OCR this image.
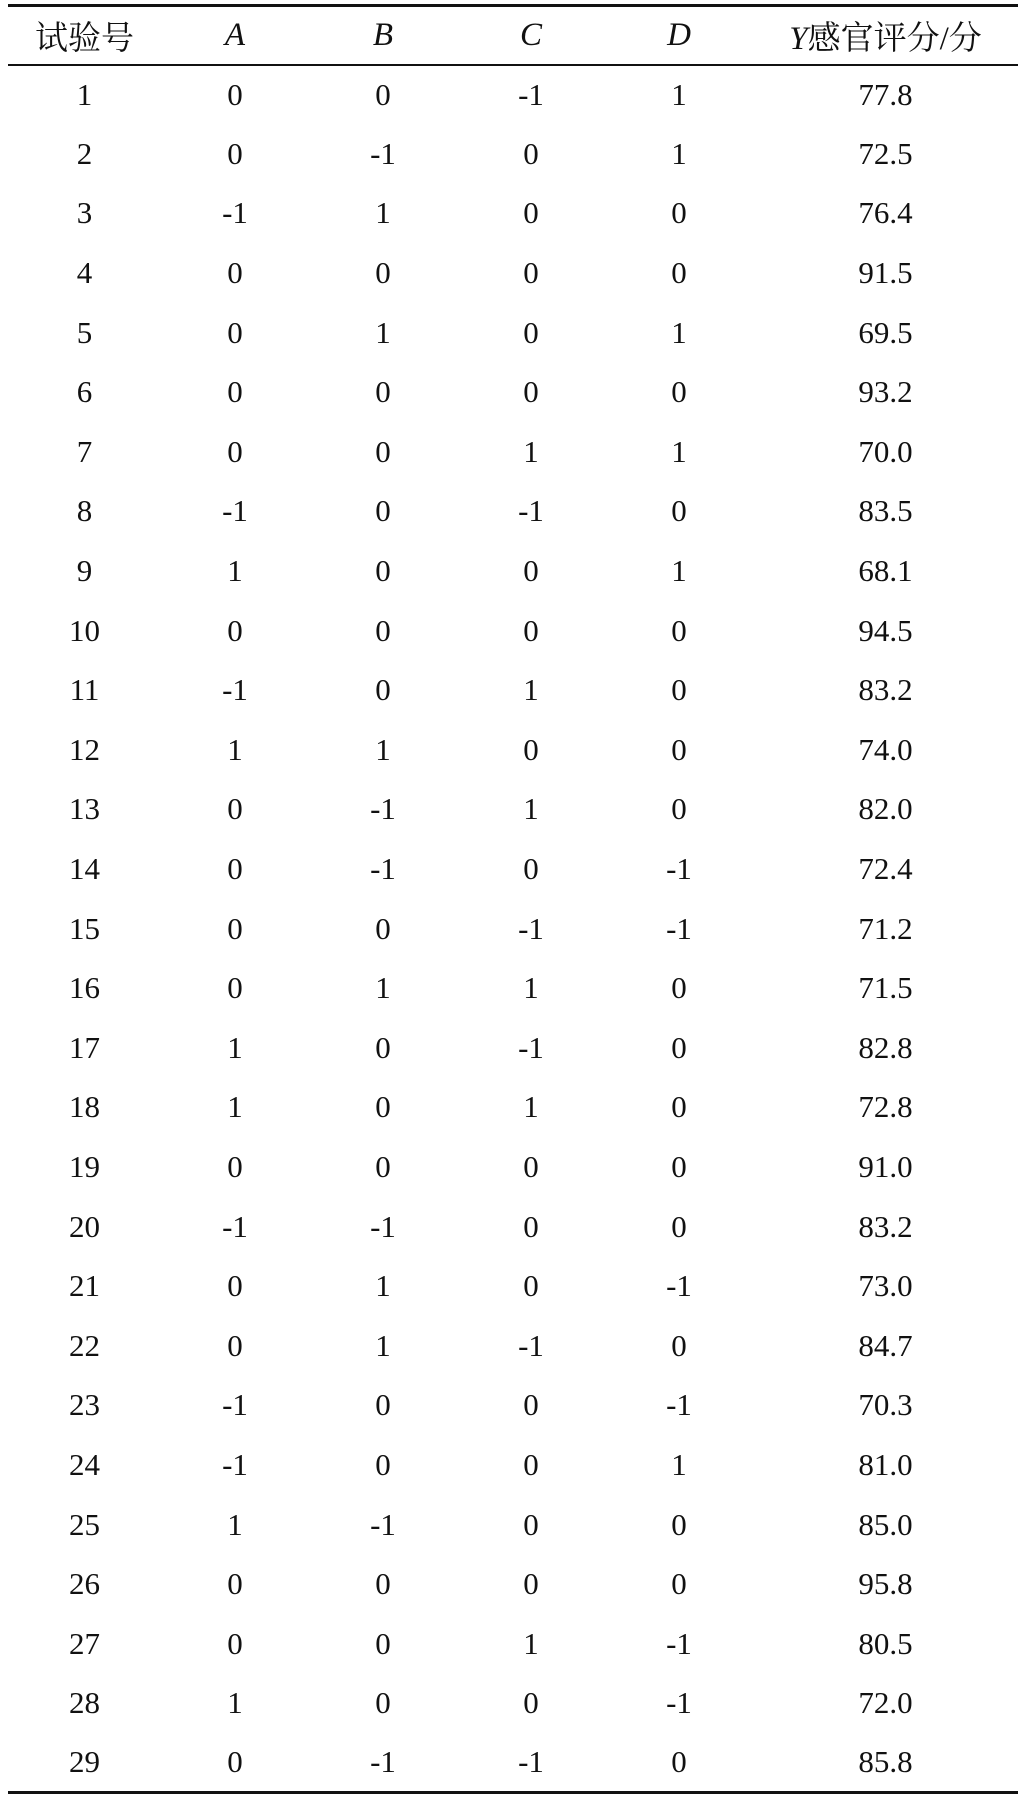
试验号	A	B	C	D	Y感官评分/分
1	0	0	-1	1	77.8
2	0	-1	0	1	72.5
3	-1	1	0	0	76.4
4	0	0	0	0	91.5
5	0	1	0	1	69.5
6	0	0	0	0	93.2
7	0	0	1	1	70.0
8	-1	0	-1	0	83.5
9	1	0	0	1	68.1
10	0	0	0	0	94.5
11	-1	0	1	0	83.2
12	1	1	0	0	74.0
13	0	-1	1	0	82.0
14	0	-1	0	-1	72.4
15	0	0	-1	-1	71.2
16	0	1	1	0	71.5
17	1	0	-1	0	82.8
18	1	0	1	0	72.8
19	0	0	0	0	91.0
20	-1	-1	0	0	83.2
21	0	1	0	-1	73.0
22	0	1	-1	0	84.7
23	-1	0	0	-1	70.3
24	-1	0	0	1	81.0
25	1	-1	0	0	85.0
26	0	0	0	0	95.8
27	0	0	1	-1	80.5
28	1	0	0	-1	72.0
29	0	-1	-1	0	85.8
